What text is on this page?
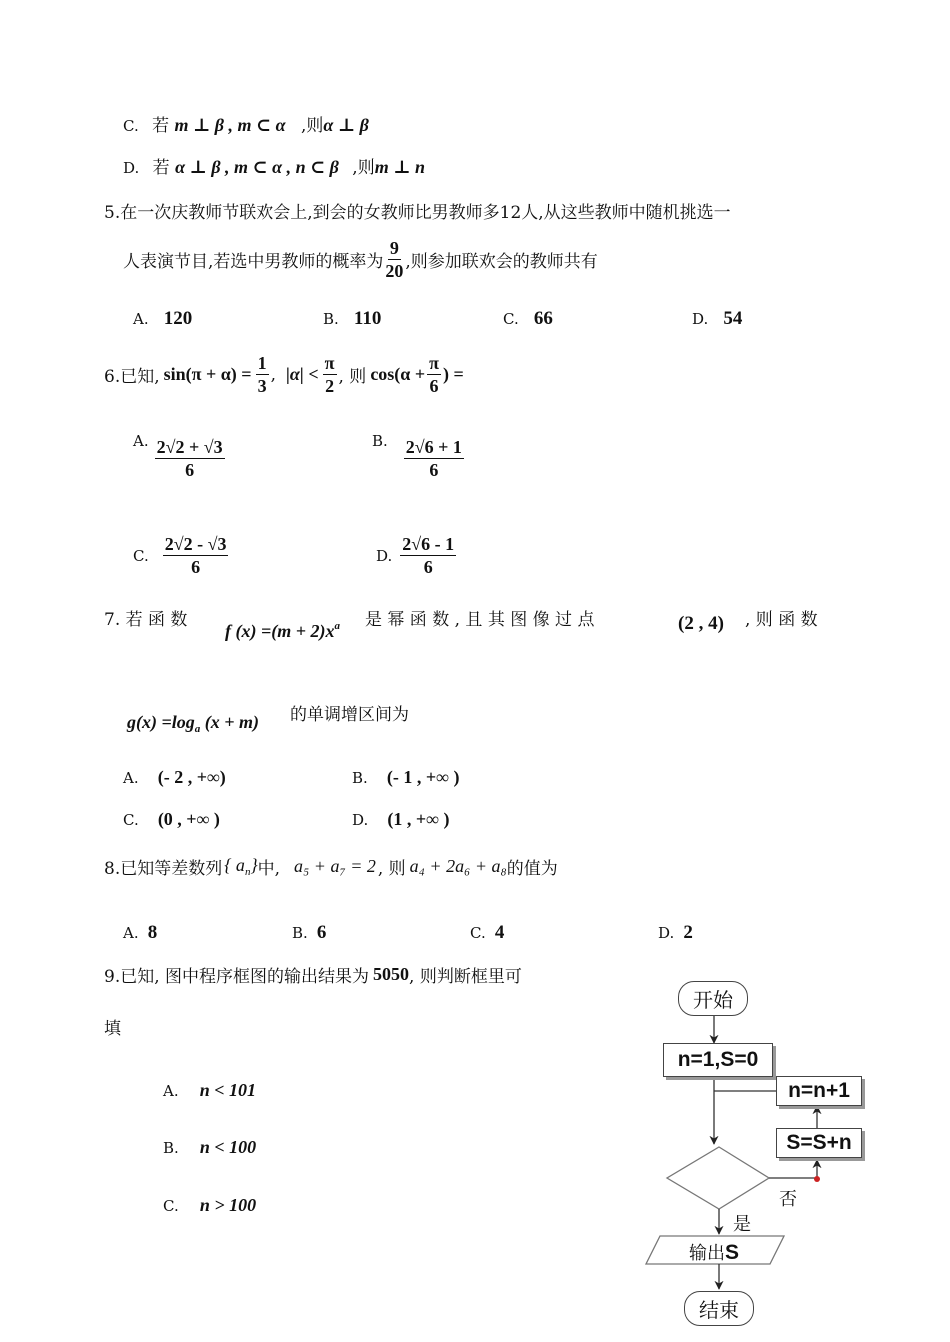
C. 若 m ⊥ β , m ⊂ α ,则α ⊥ β
D. 若 α ⊥ β , m ⊂ α , n ⊂ β ,则m ⊥ n
5.在一次庆教师节联欢会上,到会的女教师比男教师多12人,从这些教师中随机挑选一
人表演节目,若选中男教师的概率为 $\frac{9}{20}$ ,则参加联欢会的教师共有
A. 120	B. 110	C. 66	D. 54
6.已知, $\sin(\pi + \alpha) = \frac{1}{3}$ , $|\alpha| < \frac{\pi}{2}$ , 则 $\cos(\alpha + \frac{\pi}{6}$ ) =
A. $\frac{2√2 + √3}{6}$	B. $\frac{2√6 + 1}{6}$
C. $\frac{2√2 - √3}{6}$	D. $\frac{2√6 - 1}{6}$
7. 若 函 数
f $(x) =(m + 2)x^a$ 是 幂 函 数 , 且 其 图 像 过 点	(2 , 4) , 则 函 数
$g(x) =\log_a$ (x + m) 的单调增区间为
A. (- 2 , +∞)	B. (- 1 , +∞ )
C. (0 , +∞ )	D. (1 , +∞ )
8.已知等差数列 { $a_n$} 中, a₅ + a₇ = 2 , 则 a₄ + 2a₆ + a₈ 的值为
A. 8	B. 6	C. 4	D. 2
9.已知, 图中程序框图的输出结果为 5050 , 则判断框里可
填
A. n < 101
B. n < 100
C. n > 100
开始
n=1,S=0
n=n+1
S=S+n
否
是
输出S
结束
